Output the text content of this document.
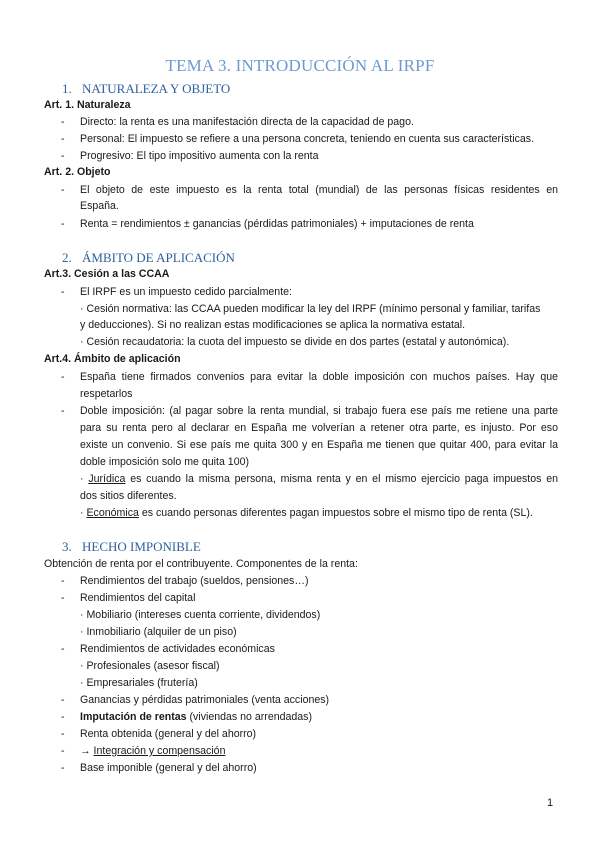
TEMA 3. INTRODUCCIÓN AL IRPF
1. NATURALEZA Y OBJETO
Art. 1. Naturaleza
-	Directo: la renta es una manifestación directa de la capacidad de pago.
-	Personal: El impuesto se refiere a una persona concreta, teniendo en cuenta sus características.
-	Progresivo: El tipo impositivo aumenta con la renta
Art. 2. Objeto
-	El objeto de este impuesto es la renta total (mundial) de las personas físicas residentes en
España.
-	Renta = rendimientos ± ganancias (pérdidas patrimoniales) + imputaciones de renta
2. ÁMBITO DE APLICACIÓN
Art.3. Cesión a las CCAA
-	El IRPF es un impuesto cedido parcialmente:
· Cesión normativa: las CCAA pueden modificar la ley del IRPF (mínimo personal y familiar, tarifas
y deducciones). Si no realizan estas modificaciones se aplica la normativa estatal.
· Cesión recaudatoria: la cuota del impuesto se divide en dos partes (estatal y autonómica).
Art.4. Ámbito de aplicación
-	España tiene firmados convenios para evitar la doble imposición con muchos países. Hay que
respetarlos
-	Doble imposición: (al pagar sobre la renta mundial, si trabajo fuera ese país me retiene una parte
para su renta pero al declarar en España me volverían a retener otra parte, es injusto. Por eso
existe un convenio. Si ese país me quita 300 y en España me tienen que quitar 400, para evitar la
doble imposición solo me quita 100)
· Jurídica es cuando la misma persona, misma renta y en el mismo ejercicio paga impuestos en
dos sitios diferentes.
· Económica es cuando personas diferentes pagan impuestos sobre el mismo tipo de renta (SL).
3. HECHO IMPONIBLE
Obtención de renta por el contribuyente. Componentes de la renta:
-	Rendimientos del trabajo (sueldos, pensiones…)
-	Rendimientos del capital
· Mobiliario (intereses cuenta corriente, dividendos)
· Inmobiliario (alquiler de un piso)
-	Rendimientos de actividades económicas
· Profesionales (asesor fiscal)
· Empresariales (frutería)
-	Ganancias y pérdidas patrimoniales (venta acciones)
-	Imputación de rentas (viviendas no arrendadas)
-	Renta obtenida (general y del ahorro)
-	→ Integración y compensación
-	Base imponible (general y del ahorro)
1
